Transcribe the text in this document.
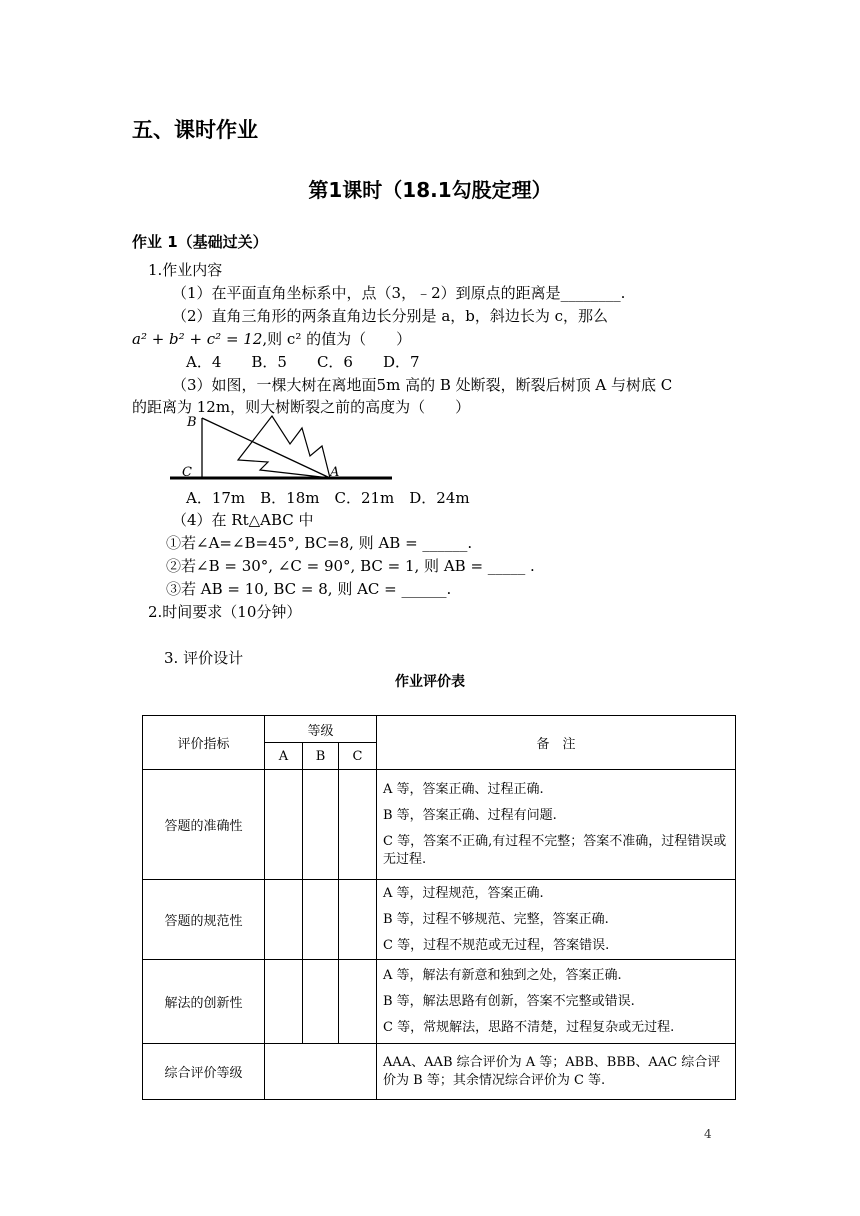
五、课时作业
第1课时（18.1勾股定理）
作业 1（基础过关）
1.作业内容
（1）在平面直角坐标系中，点（3，﹣2）到原点的距离是________.
（2）直角三角形的两条直角边长分别是 a，b，斜边长为 c，那么
a² + b² + c² = 12,则 c² 的值为（　　）
A．4　　B．5　　C．6　　D．7
（3）如图，一棵大树在离地面5m 高的 B 处断裂，断裂后树顶 A 与树底 C
的距离为 12m，则大树断裂之前的高度为（　　）
B
C	A
A．17m　B．18m　C．21m　D．24m
（4）在 Rt△ABC 中
①若∠A=∠B=45°, BC=8, 则 AB = ______.
②若∠B = 30°, ∠C = 90°, BC = 1, 则 AB = _____ .
③若 AB = 10, BC = 8, 则 AC = ______.
2.时间要求（10分钟）
3. 评价设计
作业评价表
评价指标	等级			备　注
	A	B	C	
答题的准确性				A 等，答案正确、过程正确.

B 等，答案正确、过程有问题.

C 等，答案不正确,有过程不完整；答案不准确，过程错误或无过程.

答题的规范性				A 等，过程规范，答案正确.

B 等，过程不够规范、完整，答案正确.

C 等，过程不规范或无过程，答案错误.

解法的创新性				A 等，解法有新意和独到之处，答案正确.

B 等，解法思路有创新，答案不完整或错误.

C 等，常规解法，思路不清楚，过程复杂或无过程.

综合评价等级				AAA、AAB 综合评价为 A 等；ABB、BBB、AAC 综合评价为 B 等；其余情况综合评价为 C 等.

4
